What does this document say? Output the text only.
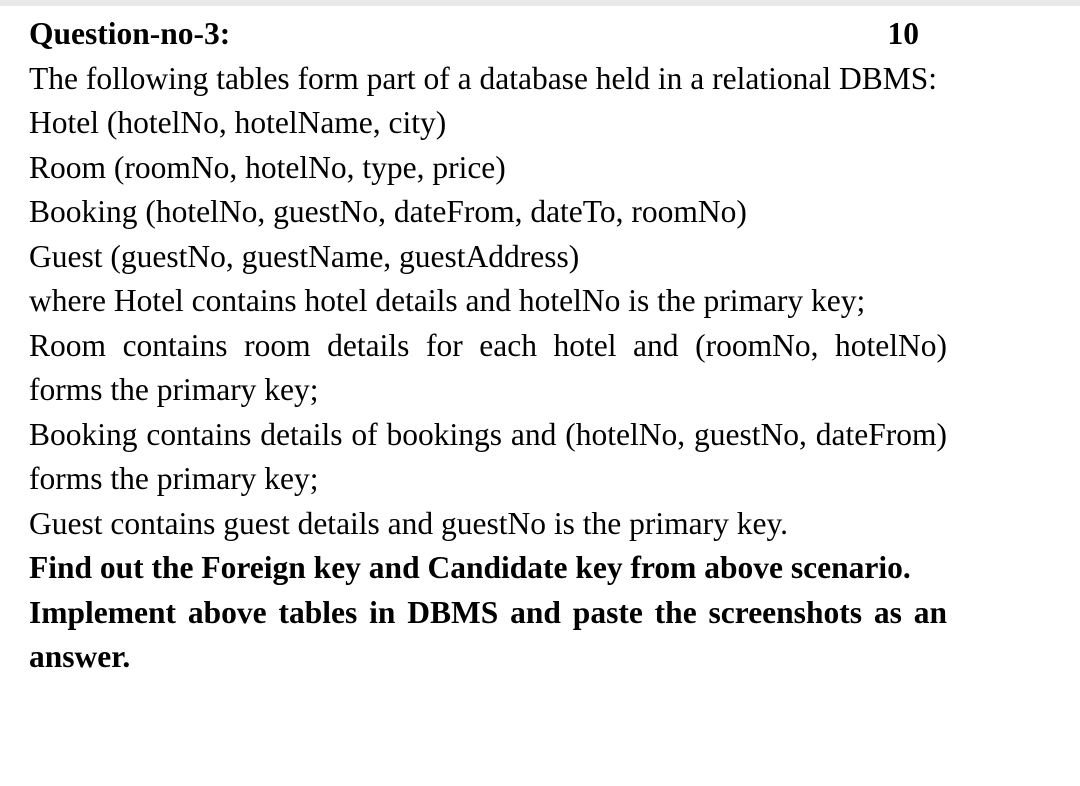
Question-no-3:	10
The following tables form part of a database held in a relational DBMS:
Hotel (hotelNo, hotelName, city)
Room (roomNo, hotelNo, type, price)
Booking (hotelNo, guestNo, dateFrom, dateTo, roomNo)
Guest (guestNo, guestName, guestAddress)
where Hotel contains hotel details and hotelNo is the primary key;
Room contains room details for each hotel and (roomNo, hotelNo) forms the primary key;
Booking contains details of bookings and (hotelNo, guestNo, dateFrom) forms the primary key;
Guest contains guest details and guestNo is the primary key.
Find out the Foreign key and Candidate key from above scenario.
Implement above tables in DBMS and paste the screenshots as an answer.
